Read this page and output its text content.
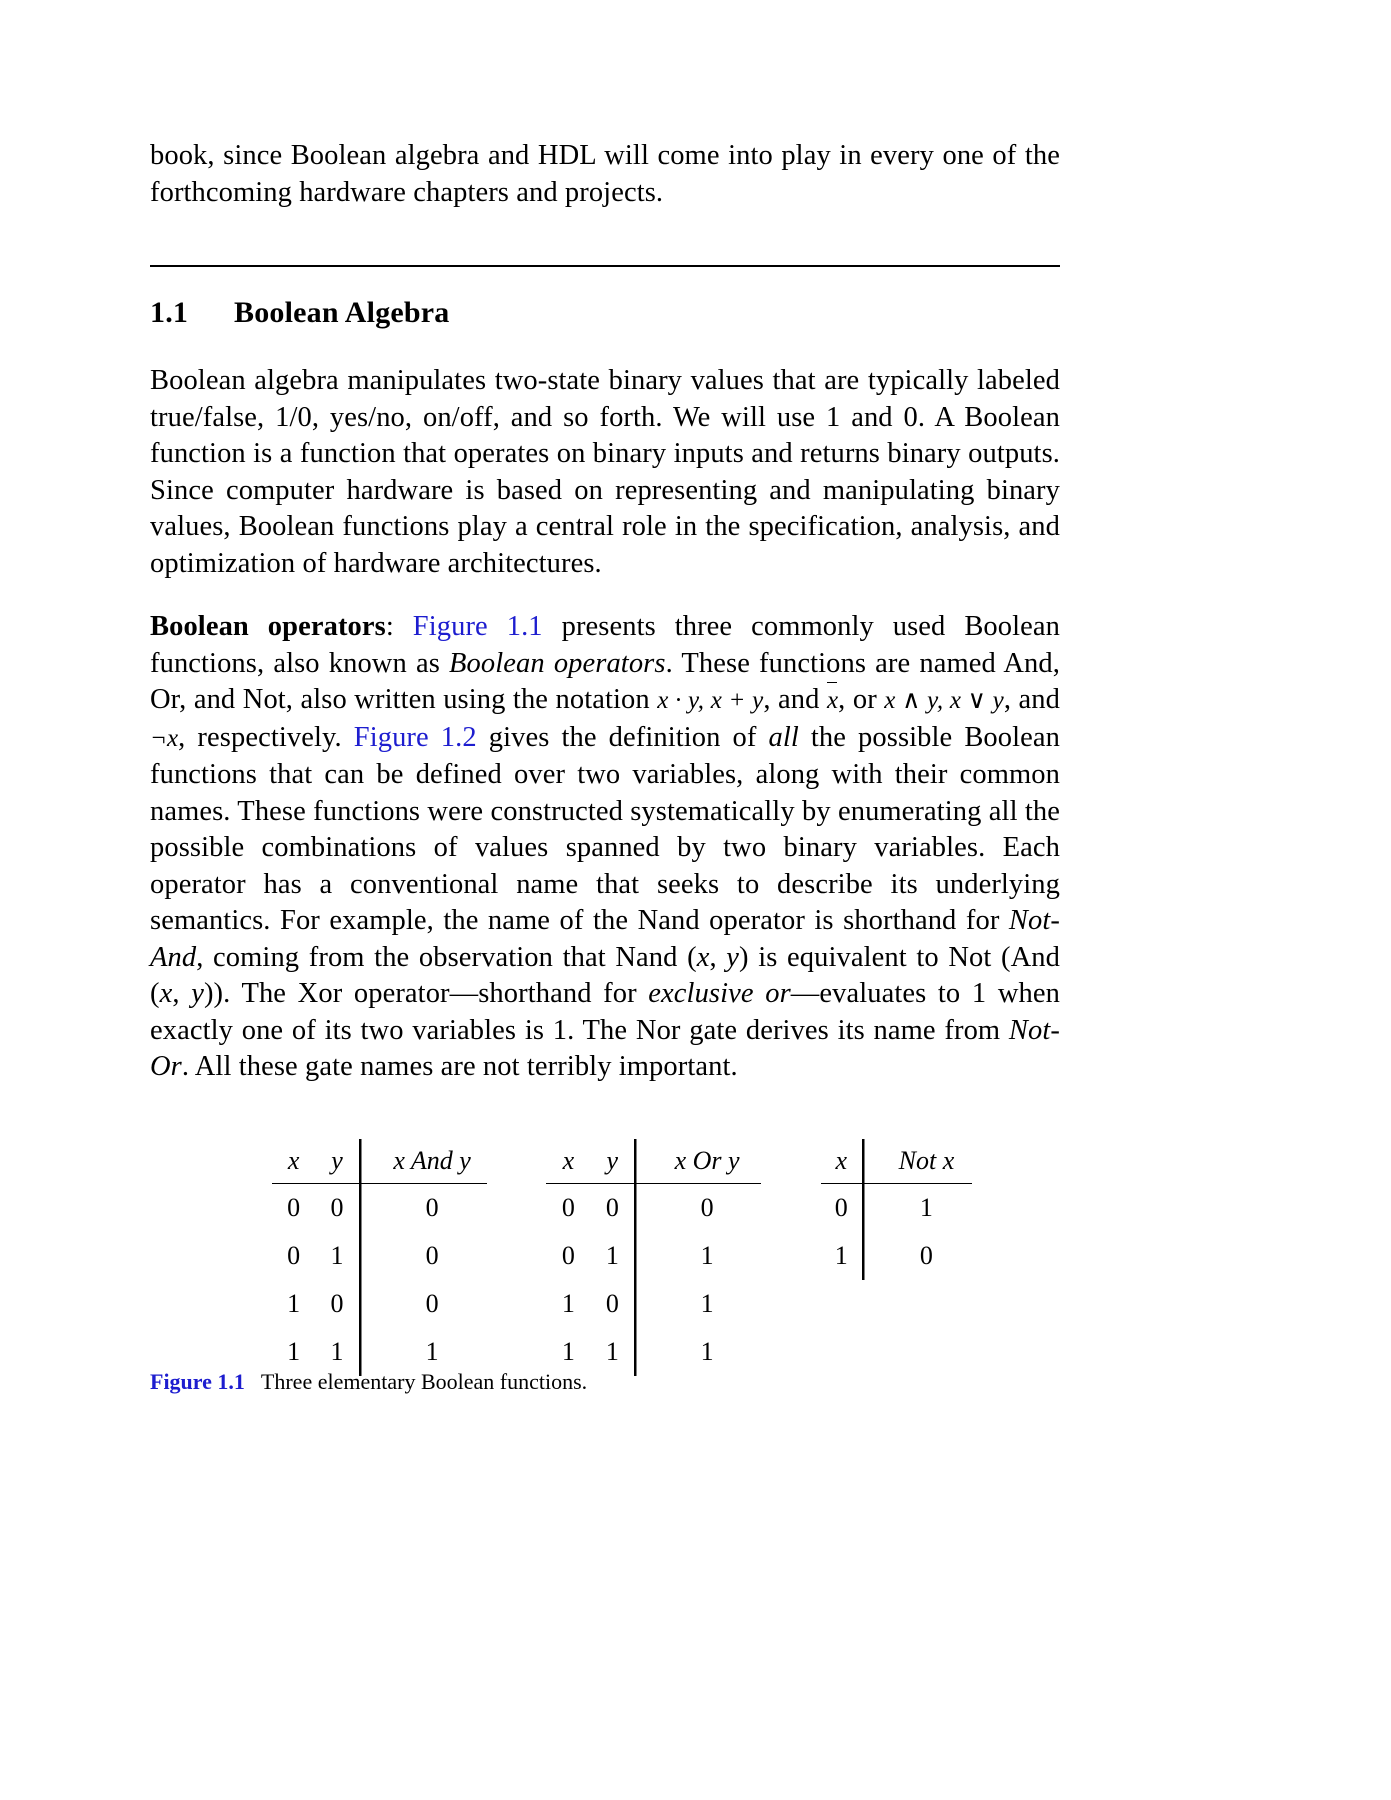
book, since Boolean algebra and HDL will come into play in every one of the forthcoming hardware chapters and projects.

1.1 Boolean Algebra

Boolean algebra manipulates two-state binary values that are typically labeled true/false, 1/0, yes/no, on/off, and so forth. We will use 1 and 0. A Boolean function is a function that operates on binary inputs and returns binary outputs. Since computer hardware is based on representing and manipulating binary values, Boolean functions play a central role in the specification, analysis, and optimization of hardware architectures.

Boolean operators: Figure 1.1 presents three commonly used Boolean functions, also known as Boolean operators. These functions are named And, Or, and Not, also written using the notation x · y, x + y, and x, or x ∧ y, x ∨ y, and ¬x, respectively. Figure 1.2 gives the definition of all the possible Boolean functions that can be defined over two variables, along with their common names. These functions were constructed systematically by enumerating all the possible combinations of values spanned by two binary variables. Each operator has a conventional name that seeks to describe its underlying semantics. For example, the name of the Nand operator is shorthand for Not-And, coming from the observation that Nand (x, y) is equivalent to Not (And (x, y)). The Xor operator—shorthand for exclusive or—evaluates to 1 when exactly one of its two variables is 1. The Nor gate derives its name from Not-Or. All these gate names are not terribly important.

x	y	x And y

0	0	0
0	1	0
1	0	0
1	1	1
x	y	x Or y

0	0	0
0	1	1
1	0	1
1	1	1
x	Not x

0	1
1	0
Figure 1.1 Three elementary Boolean functions.
